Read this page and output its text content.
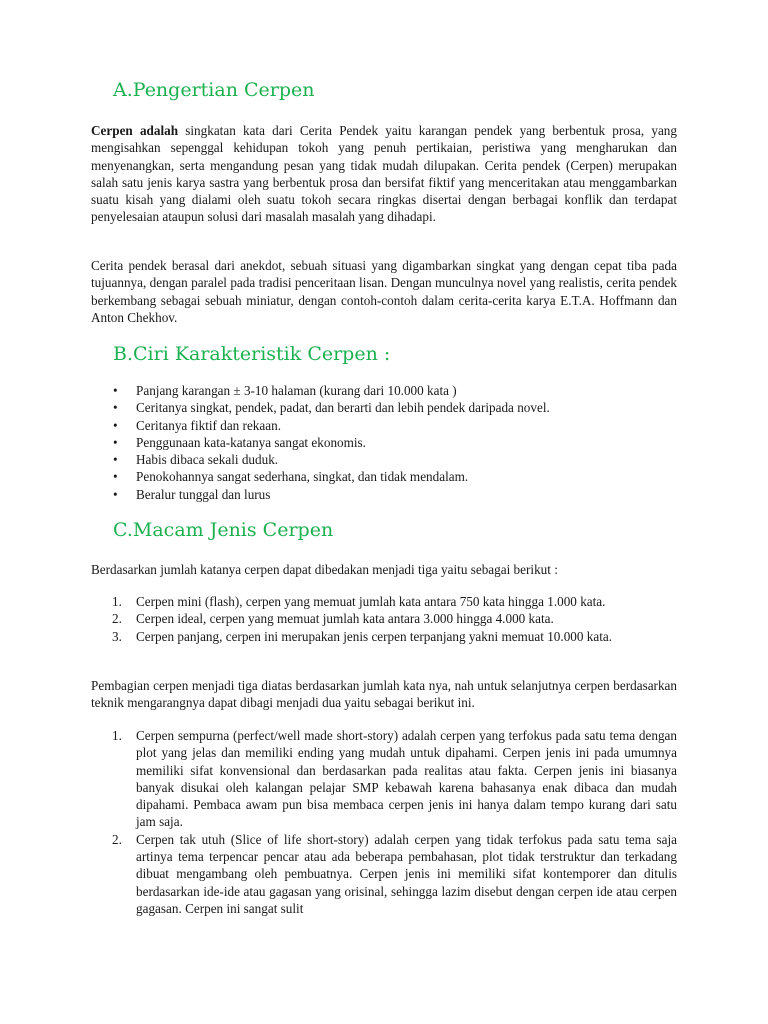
A.Pengertian Cerpen

Cerpen adalah singkatan kata dari Cerita Pendek yaitu karangan pendek yang berbentuk prosa, yang mengisahkan sepenggal kehidupan tokoh yang penuh pertikaian, peristiwa yang mengharukan dan menyenangkan, serta mengandung pesan yang tidak mudah dilupakan. Cerita pendek (Cerpen) merupakan salah satu jenis karya sastra yang berbentuk prosa dan bersifat fiktif yang menceritakan atau menggambarkan suatu kisah yang dialami oleh suatu tokoh secara ringkas disertai dengan berbagai konflik dan terdapat penyelesaian ataupun solusi dari masalah masalah yang dihadapi.

Cerita pendek berasal dari anekdot, sebuah situasi yang digambarkan singkat yang dengan cepat tiba pada tujuannya, dengan paralel pada tradisi penceritaan lisan. Dengan munculnya novel yang realistis, cerita pendek berkembang sebagai sebuah miniatur, dengan contoh-contoh dalam cerita-cerita karya E.T.A. Hoffmann dan Anton Chekhov.

B.Ciri Karakteristik Cerpen :
• Panjang karangan ± 3-10 halaman (kurang dari 10.000 kata )
• Ceritanya singkat, pendek, padat, dan berarti dan lebih pendek daripada novel.
• Ceritanya fiktif dan rekaan.
• Penggunaan kata-katanya sangat ekonomis.
• Habis dibaca sekali duduk.
• Penokohannya sangat sederhana, singkat, dan tidak mendalam.
• Beralur tunggal dan lurus
C.Macam Jenis Cerpen

Berdasarkan jumlah katanya cerpen dapat dibedakan menjadi tiga yaitu sebagai berikut :

1. Cerpen mini (flash), cerpen yang memuat jumlah kata antara 750 kata hingga 1.000 kata.
2. Cerpen ideal, cerpen yang memuat jumlah kata antara 3.000 hingga 4.000 kata.
3. Cerpen panjang, cerpen ini merupakan jenis cerpen terpanjang yakni memuat 10.000 kata.

Pembagian cerpen menjadi tiga diatas berdasarkan jumlah kata nya, nah untuk selanjutnya cerpen berdasarkan teknik mengarangnya dapat dibagi menjadi dua yaitu sebagai berikut ini.

1. Cerpen sempurna (perfect/well made short-story) adalah cerpen yang terfokus pada satu tema dengan plot yang jelas dan memiliki ending yang mudah untuk dipahami. Cerpen jenis ini pada umumnya memiliki sifat konvensional dan berdasarkan pada realitas atau fakta. Cerpen jenis ini biasanya banyak disukai oleh kalangan pelajar SMP kebawah karena bahasanya enak dibaca dan mudah dipahami. Pembaca awam pun bisa membaca cerpen jenis ini hanya dalam tempo kurang dari satu jam saja.
2. Cerpen tak utuh (Slice of life short-story) adalah cerpen yang tidak terfokus pada satu tema saja artinya tema terpencar pencar atau ada beberapa pembahasan, plot tidak terstruktur dan terkadang dibuat mengambang oleh pembuatnya. Cerpen jenis ini memiliki sifat kontemporer dan ditulis berdasarkan ide-ide atau gagasan yang orisinal, sehingga lazim disebut dengan cerpen ide atau cerpen gagasan. Cerpen ini sangat sulit
